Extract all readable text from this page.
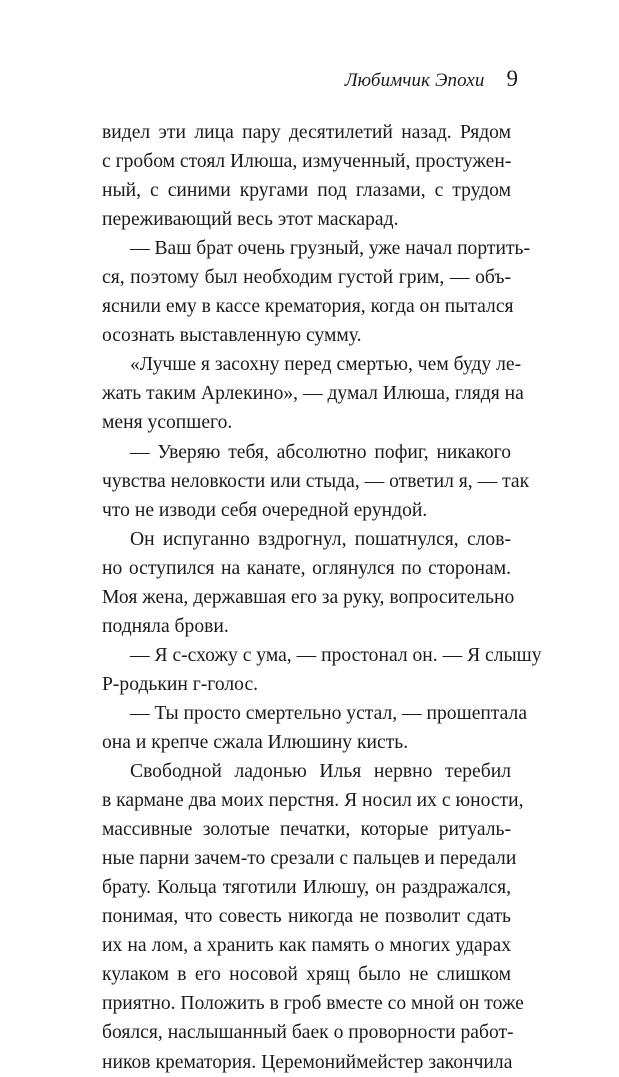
Любимчик Эпохи 9
видел эти лица пару десятилетий назад. Рядом
с гробом стоял Илюша, измученный, простужен-
ный, с синими кругами под глазами, с трудом
переживающий весь этот маскарад.
— Ваш брат очень грузный, уже начал портить-
ся, поэтому был необходим густой грим, — объ-
яснили ему в кассе крематория, когда он пытался
осознать выставленную сумму.
«Лучше я засохну перед смертью, чем буду ле-
жать таким Арлекино», — думал Илюша, глядя на
меня усопшего.
— Уверяю тебя, абсолютно пофиг, никакого
чувства неловкости или стыда, — ответил я, — так
что не изводи себя очередной ерундой.
Он испуганно вздрогнул, пошатнулся, слов-
но оступился на канате, оглянулся по сторонам.
Моя жена, державшая его за руку, вопросительно
подняла брови.
— Я с-схожу с ума, — простонал он. — Я слышу
Р-родькин г-голос.
— Ты просто смертельно устал, — прошептала
она и крепче сжала Илюшину кисть.
Свободной ладонью Илья нервно теребил
в кармане два моих перстня. Я носил их с юности,
массивные золотые печатки, которые ритуаль-
ные парни зачем-то срезали с пальцев и передали
брату. Кольца тяготили Илюшу, он раздражался,
понимая, что совесть никогда не позволит сдать
их на лом, а хранить как память о многих ударах
кулаком в его носовой хрящ было не слишком
приятно. Положить в гроб вместе со мной он тоже
боялся, наслышанный баек о проворности работ-
ников крематория. Церемониймейстер закончила
